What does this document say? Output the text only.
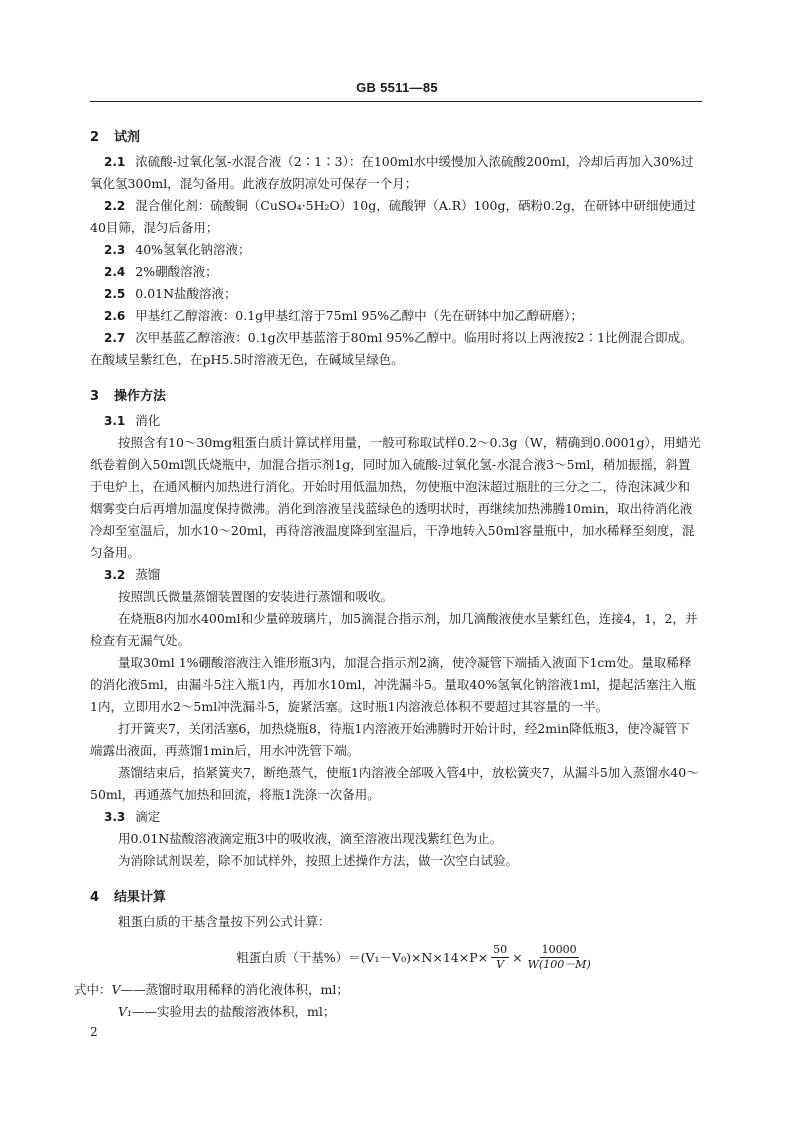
GB 5511—85
2 试剂

2.1 浓硫酸-过氧化氢-水混合液（2∶1∶3）：在100ml水中缓慢加入浓硫酸200ml，冷却后再加入30%过氧化氢300ml，混匀备用。此液存放阴凉处可保存一个月；

2.2 混合催化剂：硫酸铜（CuSO₄·5H₂O）10g，硫酸钾（A.R）100g，硒粉0.2g，在研钵中研细使通过40目筛，混匀后备用；

2.3 40%氢氧化钠溶液；

2.4 2%硼酸溶液；

2.5 0.01N盐酸溶液；

2.6 甲基红乙醇溶液：0.1g甲基红溶于75ml 95%乙醇中（先在研钵中加乙醇研磨）；

2.7 次甲基蓝乙醇溶液：0.1g次甲基蓝溶于80ml 95%乙醇中。临用时将以上两液按2∶1比例混合即成。在酸域呈紫红色，在pH5.5时溶液无色，在碱域呈绿色。

3 操作方法

3.1 消化

按照含有10～30mg粗蛋白质计算试样用量，一般可称取试样0.2～0.3g（W，精确到0.0001g），用蜡光纸卷着倒入50ml凯氏烧瓶中，加混合指示剂1g，同时加入硫酸-过氧化氢-水混合液3～5ml，稍加振摇，斜置于电炉上，在通风橱内加热进行消化。开始时用低温加热，勿使瓶中泡沫超过瓶肚的三分之二，待泡沫减少和烟雾变白后再增加温度保持微沸。消化到溶液呈浅蓝绿色的透明状时，再继续加热沸腾10min，取出待消化液冷却至室温后，加水10～20ml，再待溶液温度降到室温后，干净地转入50ml容量瓶中，加水稀释至刻度，混匀备用。

3.2 蒸馏

按照凯氏微量蒸馏装置图的安装进行蒸馏和吸收。

在烧瓶8内加水400ml和少量碎玻璃片，加5滴混合指示剂，加几滴酸液使水呈紫红色，连接4，1，2，并检查有无漏气处。

量取30ml 1%硼酸溶液注入锥形瓶3内，加混合指示剂2滴，使冷凝管下端插入液面下1cm处。量取稀释的消化液5ml，由漏斗5注入瓶1内，再加水10ml，冲洗漏斗5。量取40%氢氧化钠溶液1ml，提起活塞注入瓶1内，立即用水2～5ml冲洗漏斗5，旋紧活塞。这时瓶1内溶液总体积不要超过其容量的一半。

打开簧夹7，关闭活塞6，加热烧瓶8，待瓶1内溶液开始沸腾时开始计时，经2min降低瓶3，使冷凝管下端露出液面，再蒸馏1min后，用水冲洗管下端。

蒸馏结束后，掐紧簧夹7，断绝蒸气，使瓶1内溶液全部吸入管4中，放松簧夹7，从漏斗5加入蒸馏水40～50ml，再通蒸气加热和回流，将瓶1洗涤一次备用。

3.3 滴定

用0.01N盐酸溶液滴定瓶3中的吸收液，滴至溶液出现浅紫红色为止。

为消除试剂误差，除不加试样外，按照上述操作方法，做一次空白试验。

4 结果计算

粗蛋白质的干基含量按下列公式计算：

粗蛋白质（干基$\%)=(V_1-V_0)\times N\times 14\times P\times \frac{50}{V} \times \frac{10000}{W(100-M)}$

式中：V——蒸馏时取用稀释的消化液体积，ml；

V₁——实验用去的盐酸溶液体积，ml；

2
